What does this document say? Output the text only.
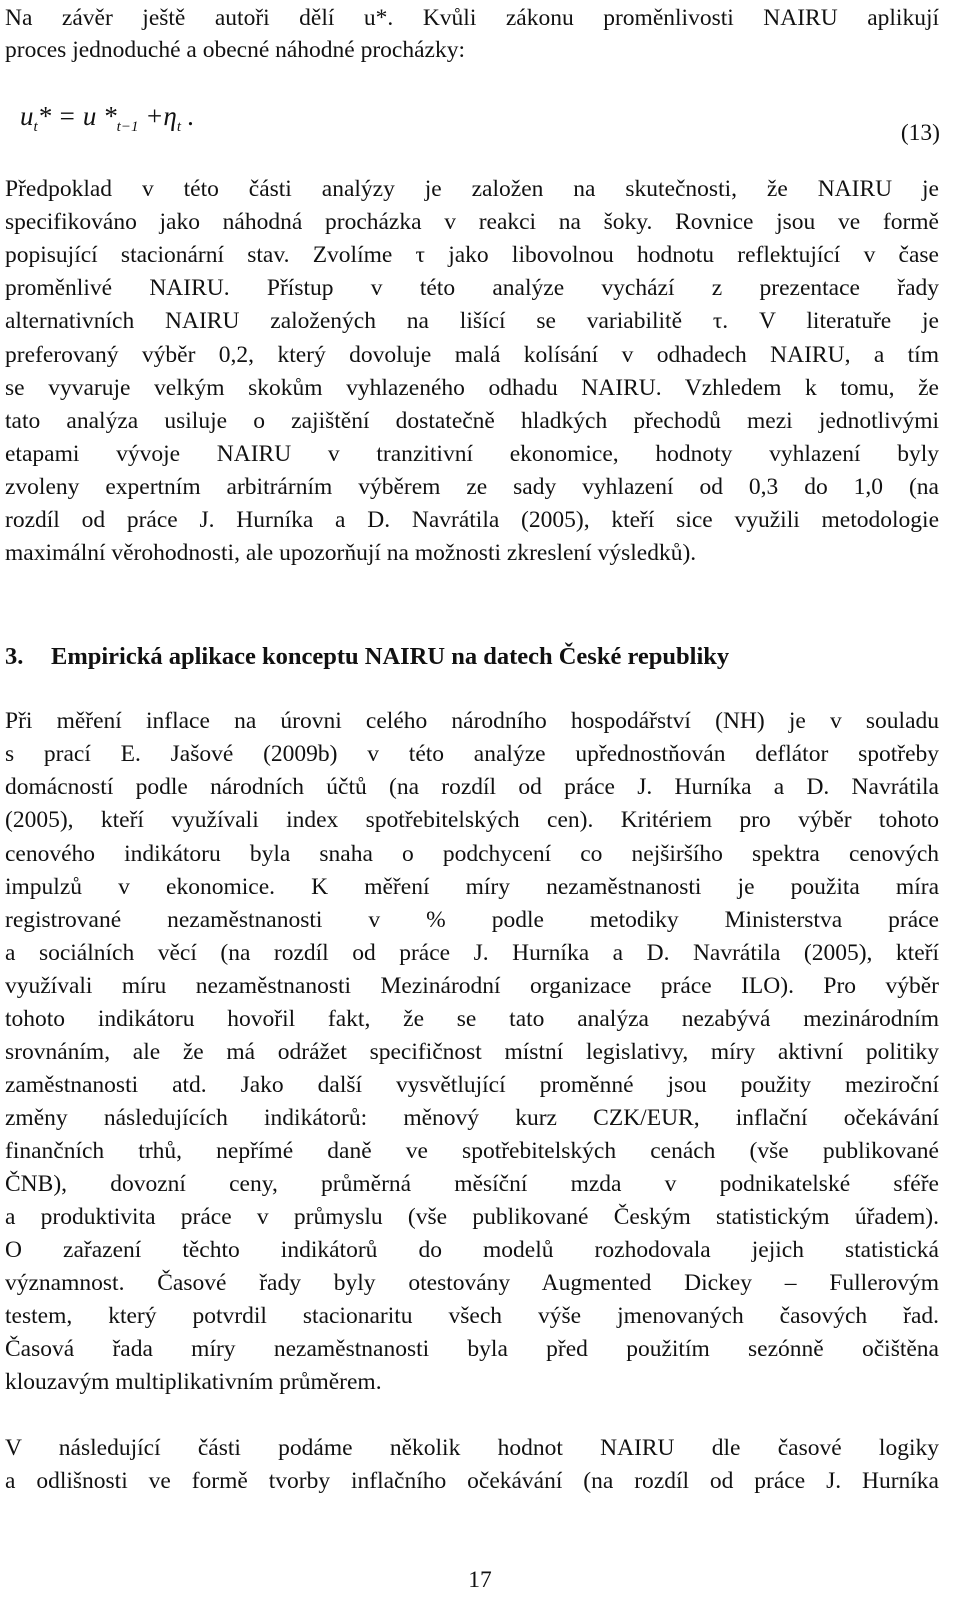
Na závěr ještě autoři dělí u*. Kvůli zákonu proměnlivosti NAIRU aplikují
proces jednoduché a obecné náhodné procházky:
$u_t* = u$ $*_{t-1} +\eta_t$ .
(13)
Předpoklad v této části analýzy je založen na skutečnosti, že NAIRU je
specifikováno jako náhodná procházka v reakci na šoky. Rovnice jsou ve formě
popisující stacionární stav. Zvolíme τ jako libovolnou hodnotu reflektující v čase
proměnlivé NAIRU. Přístup v této analýze vychází z prezentace řady
alternativních NAIRU založených na lišící se variabilitě τ. V literatuře je
preferovaný výběr 0,2, který dovoluje malá kolísání v odhadech NAIRU, a tím
se vyvaruje velkým skokům vyhlazeného odhadu NAIRU. Vzhledem k tomu, že
tato analýza usiluje o zajištění dostatečně hladkých přechodů mezi jednotlivými
etapami vývoje NAIRU v tranzitivní ekonomice, hodnoty vyhlazení byly
zvoleny expertním arbitrárním výběrem ze sady vyhlazení od 0,3 do 1,0 (na
rozdíl od práce J. Hurníka a D. Navrátila (2005), kteří sice využili metodologie
maximální věrohodnosti, ale upozorňují na možnosti zkreslení výsledků).
3. Empirická aplikace konceptu NAIRU na datech České republiky
Při měření inflace na úrovni celého národního hospodářství (NH) je v souladu
s prací E. Jašové (2009b) v této analýze upřednostňován deflátor spotřeby
domácností podle národních účtů (na rozdíl od práce J. Hurníka a D. Navrátila
(2005), kteří využívali index spotřebitelských cen). Kritériem pro výběr tohoto
cenového indikátoru byla snaha o podchycení co nejširšího spektra cenových
impulzů v ekonomice. K měření míry nezaměstnanosti je použita míra
registrované nezaměstnanosti v % podle metodiky Ministerstva práce
a sociálních věcí (na rozdíl od práce J. Hurníka a D. Navrátila (2005), kteří
využívali míru nezaměstnanosti Mezinárodní organizace práce ILO). Pro výběr
tohoto indikátoru hovořil fakt, že se tato analýza nezabývá mezinárodním
srovnáním, ale že má odrážet specifičnost místní legislativy, míry aktivní politiky
zaměstnanosti atd. Jako další vysvětlující proměnné jsou použity meziroční
změny následujících indikátorů: měnový kurz CZK/EUR, inflační očekávání
finančních trhů, nepřímé daně ve spotřebitelských cenách (vše publikované
ČNB), dovozní ceny, průměrná měsíční mzda v podnikatelské sféře
a produktivita práce v průmyslu (vše publikované Českým statistickým úřadem).
O zařazení těchto indikátorů do modelů rozhodovala jejich statistická
významnost. Časové řady byly otestovány Augmented Dickey – Fullerovým
testem, který potvrdil stacionaritu všech výše jmenovaných časových řad.
Časová řada míry nezaměstnanosti byla před použitím sezónně očištěna
klouzavým multiplikativním průměrem.
V následující části podáme několik hodnot NAIRU dle časové logiky
a odlišnosti ve formě tvorby inflačního očekávání (na rozdíl od práce J. Hurníka
17
